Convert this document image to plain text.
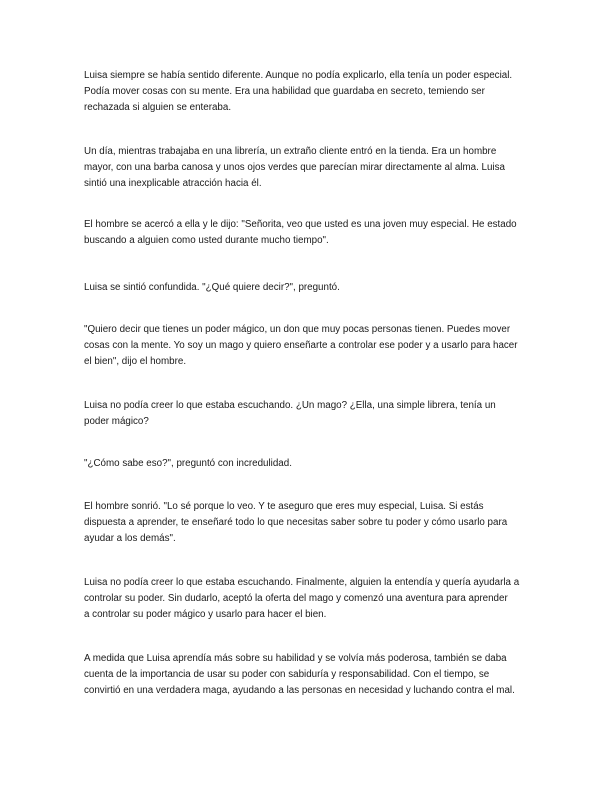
Luisa siempre se había sentido diferente. Aunque no podía explicarlo, ella tenía un poder especial.
Podía mover cosas con su mente. Era una habilidad que guardaba en secreto, temiendo ser
rechazada si alguien se enteraba.
Un día, mientras trabajaba en una librería, un extraño cliente entró en la tienda. Era un hombre
mayor, con una barba canosa y unos ojos verdes que parecían mirar directamente al alma. Luisa
sintió una inexplicable atracción hacia él.
El hombre se acercó a ella y le dijo: "Señorita, veo que usted es una joven muy especial. He estado
buscando a alguien como usted durante mucho tiempo".
Luisa se sintió confundida. "¿Qué quiere decir?", preguntó.
"Quiero decir que tienes un poder mágico, un don que muy pocas personas tienen. Puedes mover
cosas con la mente. Yo soy un mago y quiero enseñarte a controlar ese poder y a usarlo para hacer
el bien", dijo el hombre.
Luisa no podía creer lo que estaba escuchando. ¿Un mago? ¿Ella, una simple librera, tenía un
poder mágico?
"¿Cómo sabe eso?", preguntó con incredulidad.
El hombre sonrió. "Lo sé porque lo veo. Y te aseguro que eres muy especial, Luisa. Si estás
dispuesta a aprender, te enseñaré todo lo que necesitas saber sobre tu poder y cómo usarlo para
ayudar a los demás".
Luisa no podía creer lo que estaba escuchando. Finalmente, alguien la entendía y quería ayudarla a
controlar su poder. Sin dudarlo, aceptó la oferta del mago y comenzó una aventura para aprender
a controlar su poder mágico y usarlo para hacer el bien.
A medida que Luisa aprendía más sobre su habilidad y se volvía más poderosa, también se daba
cuenta de la importancia de usar su poder con sabiduría y responsabilidad. Con el tiempo, se
convirtió en una verdadera maga, ayudando a las personas en necesidad y luchando contra el mal.
